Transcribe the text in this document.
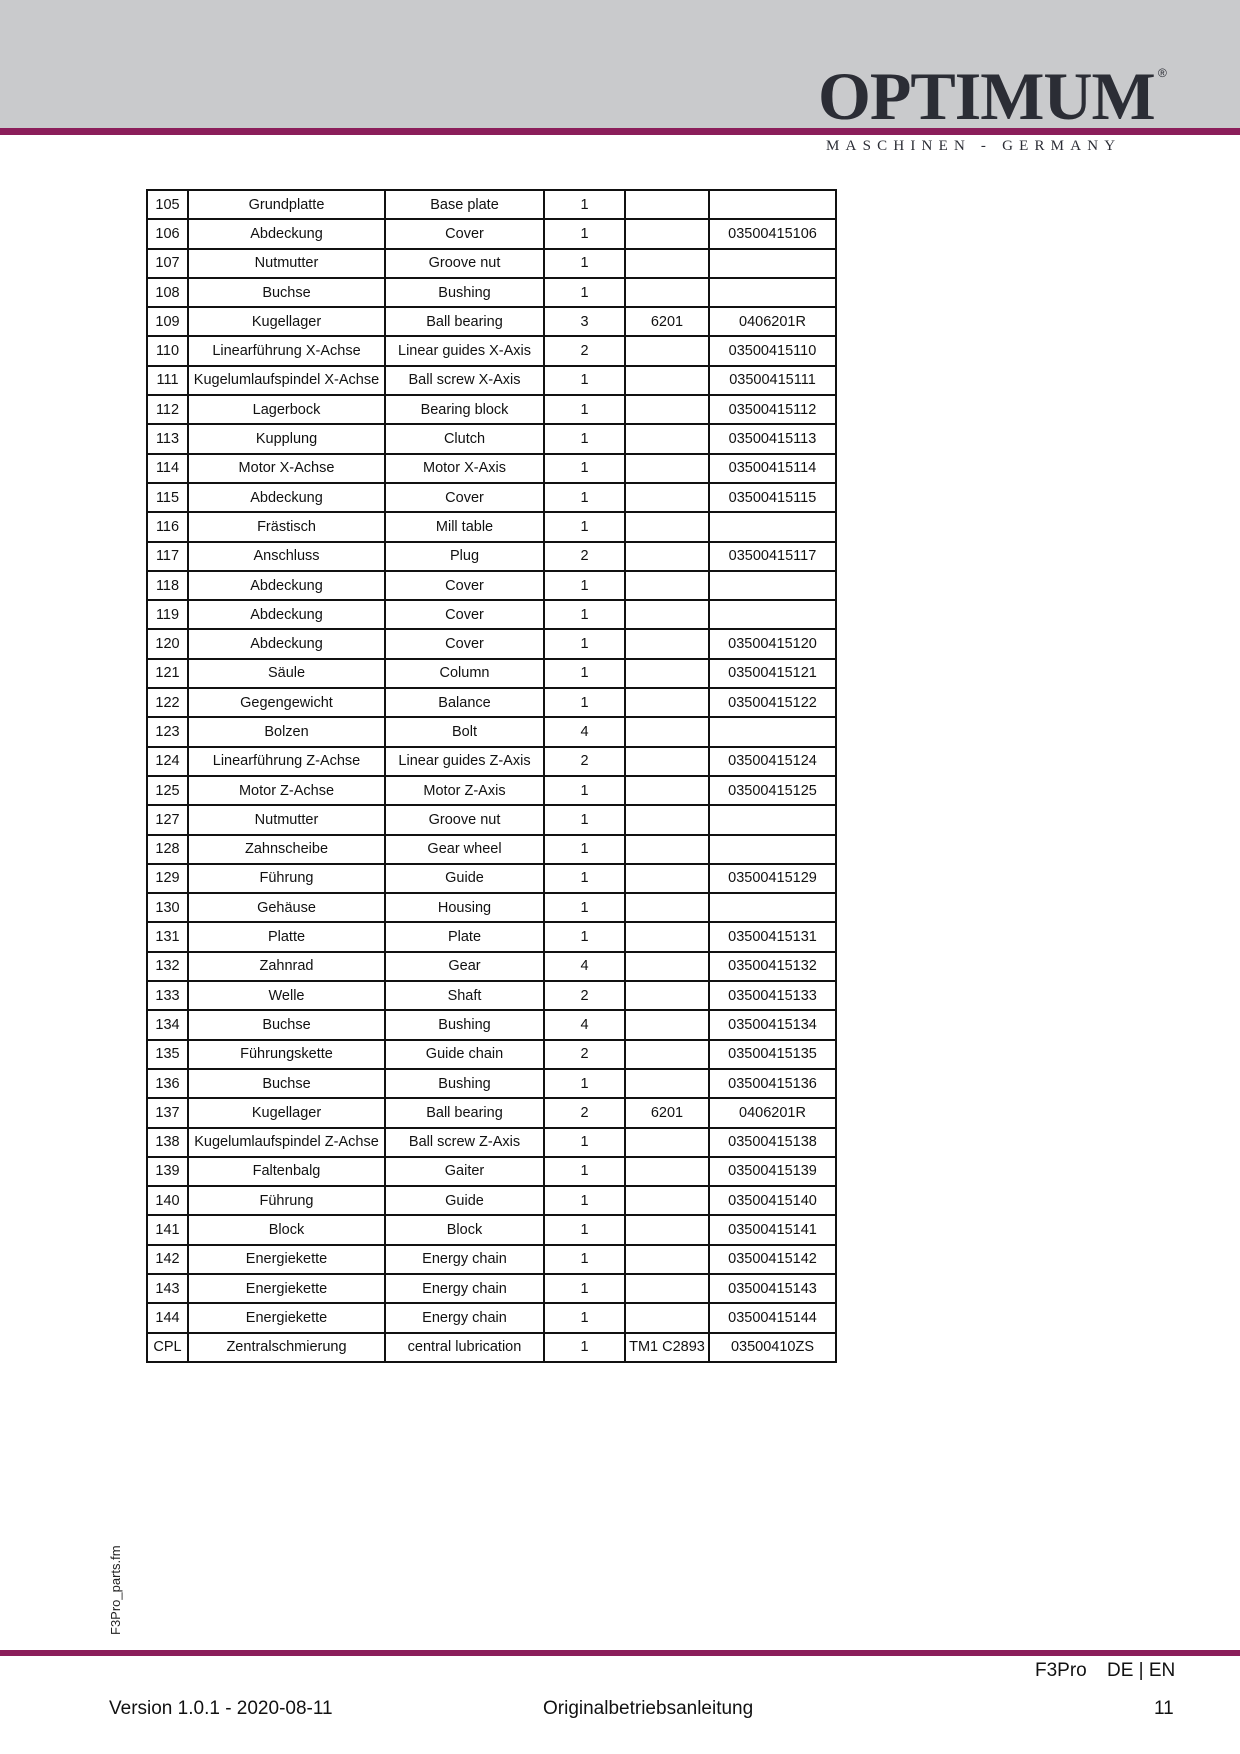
OPTIMUM ®
MASCHINEN - GERMANY
105	Grundplatte	Base plate	1		
106	Abdeckung	Cover	1		03500415106
107	Nutmutter	Groove nut	1		
108	Buchse	Bushing	1		
109	Kugellager	Ball bearing	3	6201	0406201R
110	Linearführung X-Achse	Linear guides X-Axis	2		03500415110
111	Kugelumlaufspindel X-Achse	Ball screw X-Axis	1		03500415111
112	Lagerbock	Bearing block	1		03500415112
113	Kupplung	Clutch	1		03500415113
114	Motor X-Achse	Motor X-Axis	1		03500415114
115	Abdeckung	Cover	1		03500415115
116	Frästisch	Mill table	1		
117	Anschluss	Plug	2		03500415117
118	Abdeckung	Cover	1		
119	Abdeckung	Cover	1		
120	Abdeckung	Cover	1		03500415120
121	Säule	Column	1		03500415121
122	Gegengewicht	Balance	1		03500415122
123	Bolzen	Bolt	4		
124	Linearführung Z-Achse	Linear guides Z-Axis	2		03500415124
125	Motor Z-Achse	Motor Z-Axis	1		03500415125
127	Nutmutter	Groove nut	1		
128	Zahnscheibe	Gear wheel	1		
129	Führung	Guide	1		03500415129
130	Gehäuse	Housing	1		
131	Platte	Plate	1		03500415131
132	Zahnrad	Gear	4		03500415132
133	Welle	Shaft	2		03500415133
134	Buchse	Bushing	4		03500415134
135	Führungskette	Guide chain	2		03500415135
136	Buchse	Bushing	1		03500415136
137	Kugellager	Ball bearing	2	6201	0406201R
138	Kugelumlaufspindel Z-Achse	Ball screw Z-Axis	1		03500415138
139	Faltenbalg	Gaiter	1		03500415139
140	Führung	Guide	1		03500415140
141	Block	Block	1		03500415141
142	Energiekette	Energy chain	1		03500415142
143	Energiekette	Energy chain	1		03500415143
144	Energiekette	Energy chain	1		03500415144
CPL	Zentralschmierung	central lubrication	1	TM1 C2893	03500410ZS
F3Pro_parts.fm
F3Pro DE | EN
Version 1.0.1 - 2020-08-11	Originalbetriebsanleitung	11
